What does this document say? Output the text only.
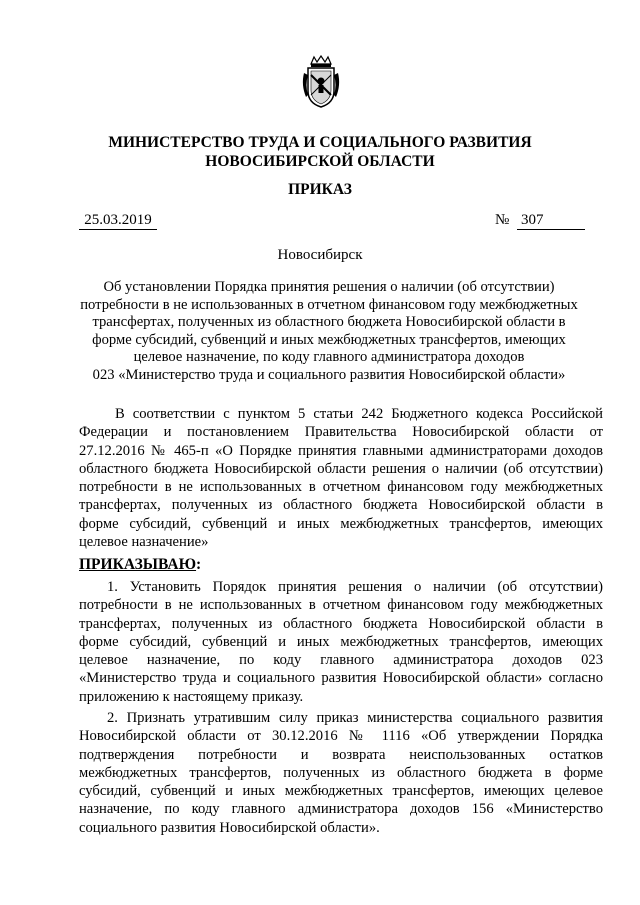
МИНИСТЕРСТВО ТРУДА И СОЦИАЛЬНОГО РАЗВИТИЯ
НОВОСИБИРСКОЙ ОБЛАСТИ
ПРИКАЗ
25.03.2019	№ 307
Новосибирск
Об установлении Порядка принятия решения о наличии (об отсутствии)
потребности в не использованных в отчетном финансовом году межбюджетных
трансфертах, полученных из областного бюджета Новосибирской области в
форме субсидий, субвенций и иных межбюджетных трансфертов, имеющих
целевое назначение, по коду главного администратора доходов
023 «Министерство труда и социального развития Новосибирской области»
В соответствии с пунктом 5 статьи 242 Бюджетного кодекса Российской
Федерации и постановлением Правительства Новосибирской области от
27.12.2016 № 465-п «О Порядке принятия главными администраторами доходов
областного бюджета Новосибирской области решения о наличии (об отсутствии)
потребности в не использованных в отчетном финансовом году межбюджетных
трансфертах, полученных из областного бюджета Новосибирской области в
форме субсидий, субвенций и иных межбюджетных трансфертов, имеющих
целевое назначение»
ПРИКАЗЫВАЮ:
1. Установить Порядок принятия решения о наличии (об отсутствии)
потребности в не использованных в отчетном финансовом году межбюджетных
трансфертах, полученных из областного бюджета Новосибирской области в
форме субсидий, субвенций и иных межбюджетных трансфертов, имеющих
целевое назначение, по коду главного администратора доходов 023
«Министерство труда и социального развития Новосибирской области» согласно
приложению к настоящему приказу.
2. Признать утратившим силу приказ министерства социального развития
Новосибирской области от 30.12.2016 № 1116 «Об утверждении Порядка
подтверждения потребности и возврата неиспользованных остатков
межбюджетных трансфертов, полученных из областного бюджета в форме
субсидий, субвенций и иных межбюджетных трансфертов, имеющих целевое
назначение, по коду главного администратора доходов 156 «Министерство
социального развития Новосибирской области».
